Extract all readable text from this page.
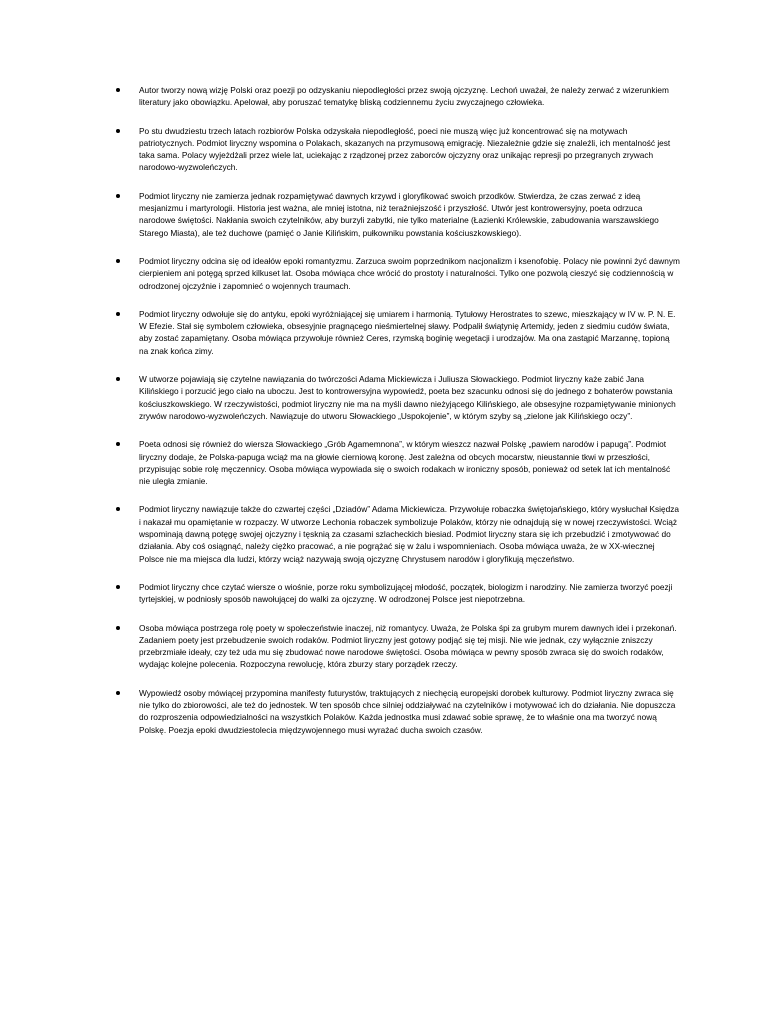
Autor tworzy nową wizję Polski oraz poezji po odzyskaniu niepodległości przez swoją ojczyznę. Lechoń uważał, że należy zerwać z wizerunkiem literatury jako obowiązku. Apelował, aby poruszać tematykę bliską codziennemu życiu zwyczajnego człowieka.
Po stu dwudziestu trzech latach rozbiorów Polska odzyskała niepodległość, poeci nie muszą więc już koncentrować się na motywach patriotycznych. Podmiot liryczny wspomina o Polakach, skazanych na przymusową emigrację. Niezależnie gdzie się znaleźli, ich mentalność jest taka sama. Polacy wyjeżdżali przez wiele lat, uciekając z rządzonej przez zaborców ojczyzny oraz unikając represji po przegranych zrywach narodowo-wyzwoleńczych.
Podmiot liryczny nie zamierza jednak rozpamiętywać dawnych krzywd i gloryfikować swoich przodków. Stwierdza, że czas zerwać z ideą mesjanizmu i martyrologii. Historia jest ważna, ale mniej istotna, niż teraźniejszość i przyszłość. Utwór jest kontrowersyjny, poeta odrzuca narodowe świętości. Nakłania swoich czytelników, aby burzyli zabytki, nie tylko materialne (Łazienki Królewskie, zabudowania warszawskiego Starego Miasta), ale też duchowe (pamięć o Janie Kilińskim, pułkowniku powstania kościuszkowskiego).
Podmiot liryczny odcina się od ideałów epoki romantyzmu. Zarzuca swoim poprzednikom nacjonalizm i ksenofobię. Polacy nie powinni żyć dawnym cierpieniem ani potęgą sprzed kilkuset lat. Osoba mówiąca chce wrócić do prostoty i naturalności. Tylko one pozwolą cieszyć się codziennością w odrodzonej ojczyźnie i zapomnieć o wojennych traumach.
Podmiot liryczny odwołuje się do antyku, epoki wyróżniającej się umiarem i harmonią. Tytułowy Herostrates to szewc, mieszkający w IV w. P. N. E. W Efezie. Stał się symbolem człowieka, obsesyjnie pragnącego nieśmiertelnej sławy. Podpalił świątynię Artemidy, jeden z siedmiu cudów świata, aby zostać zapamiętany. Osoba mówiąca przywołuje również Ceres, rzymską boginię wegetacji i urodzajów. Ma ona zastąpić Marzannę, topioną na znak końca zimy.
W utworze pojawiają się czytelne nawiązania do twórczości Adama Mickiewicza i Juliusza Słowackiego. Podmiot liryczny każe zabić Jana Kilińskiego i porzucić jego ciało na uboczu. Jest to kontrowersyjna wypowiedź, poeta bez szacunku odnosi się do jednego z bohaterów powstania kościuszkowskiego. W rzeczywistości, podmiot liryczny nie ma na myśli dawno nieżyjącego Kilińskiego, ale obsesyjne rozpamiętywanie minionych zrywów narodowo-wyzwoleńczych. Nawiązuje do utworu Słowackiego „Uspokojenie”, w którym szyby są „zielone jak Kilińskiego oczy”.
Poeta odnosi się również do wiersza Słowackiego „Grób Agamemnona”, w którym wieszcz nazwał Polskę „pawiem narodów i papugą”. Podmiot liryczny dodaje, że Polska-papuga wciąż ma na głowie cierniową koronę. Jest zależna od obcych mocarstw, nieustannie tkwi w przeszłości, przypisując sobie rolę męczennicy. Osoba mówiąca wypowiada się o swoich rodakach w ironiczny sposób, ponieważ od setek lat ich mentalność nie uległa zmianie.
Podmiot liryczny nawiązuje także do czwartej części „Dziadów” Adama Mickiewicza. Przywołuje robaczka świętojańskiego, który wysłuchał Księdza i nakazał mu opamiętanie w rozpaczy. W utworze Lechonia robaczek symbolizuje Polaków, którzy nie odnajdują się w nowej rzeczywistości. Wciąż wspominają dawną potęgę swojej ojczyzny i tęsknią za czasami szlacheckich biesiad. Podmiot liryczny stara się ich przebudzić i zmotywować do działania. Aby coś osiągnąć, należy ciężko pracować, a nie pogrążać się w żalu i wspomnieniach. Osoba mówiąca uważa, że w XX-wiecznej Polsce nie ma miejsca dla ludzi, którzy wciąż nazywają swoją ojczyznę Chrystusem narodów i gloryfikują męczeństwo.
Podmiot liryczny chce czytać wiersze o wiośnie, porze roku symbolizującej młodość, początek, biologizm i narodziny. Nie zamierza tworzyć poezji tyrtejskiej, w podniosły sposób nawołującej do walki za ojczyznę. W odrodzonej Polsce jest niepotrzebna.
Osoba mówiąca postrzega rolę poety w społeczeństwie inaczej, niż romantycy. Uważa, że Polska śpi za grubym murem dawnych idei i przekonań. Zadaniem poety jest przebudzenie swoich rodaków. Podmiot liryczny jest gotowy podjąć się tej misji. Nie wie jednak, czy wyłącznie zniszczy przebrzmiałe ideały, czy też uda mu się zbudować nowe narodowe świętości. Osoba mówiąca w pewny sposób zwraca się do swoich rodaków, wydając kolejne polecenia. Rozpoczyna rewolucję, która zburzy stary porządek rzeczy.
Wypowiedź osoby mówiącej przypomina manifesty futurystów, traktujących z niechęcią europejski dorobek kulturowy. Podmiot liryczny zwraca się nie tylko do zbiorowości, ale też do jednostek. W ten sposób chce silniej oddziaływać na czytelników i motywować ich do działania. Nie dopuszcza do rozproszenia odpowiedzialności na wszystkich Polaków. Każda jednostka musi zdawać sobie sprawę, że to właśnie ona ma tworzyć nową Polskę. Poezja epoki dwudziestolecia międzywojennego musi wyrażać ducha swoich czasów.
